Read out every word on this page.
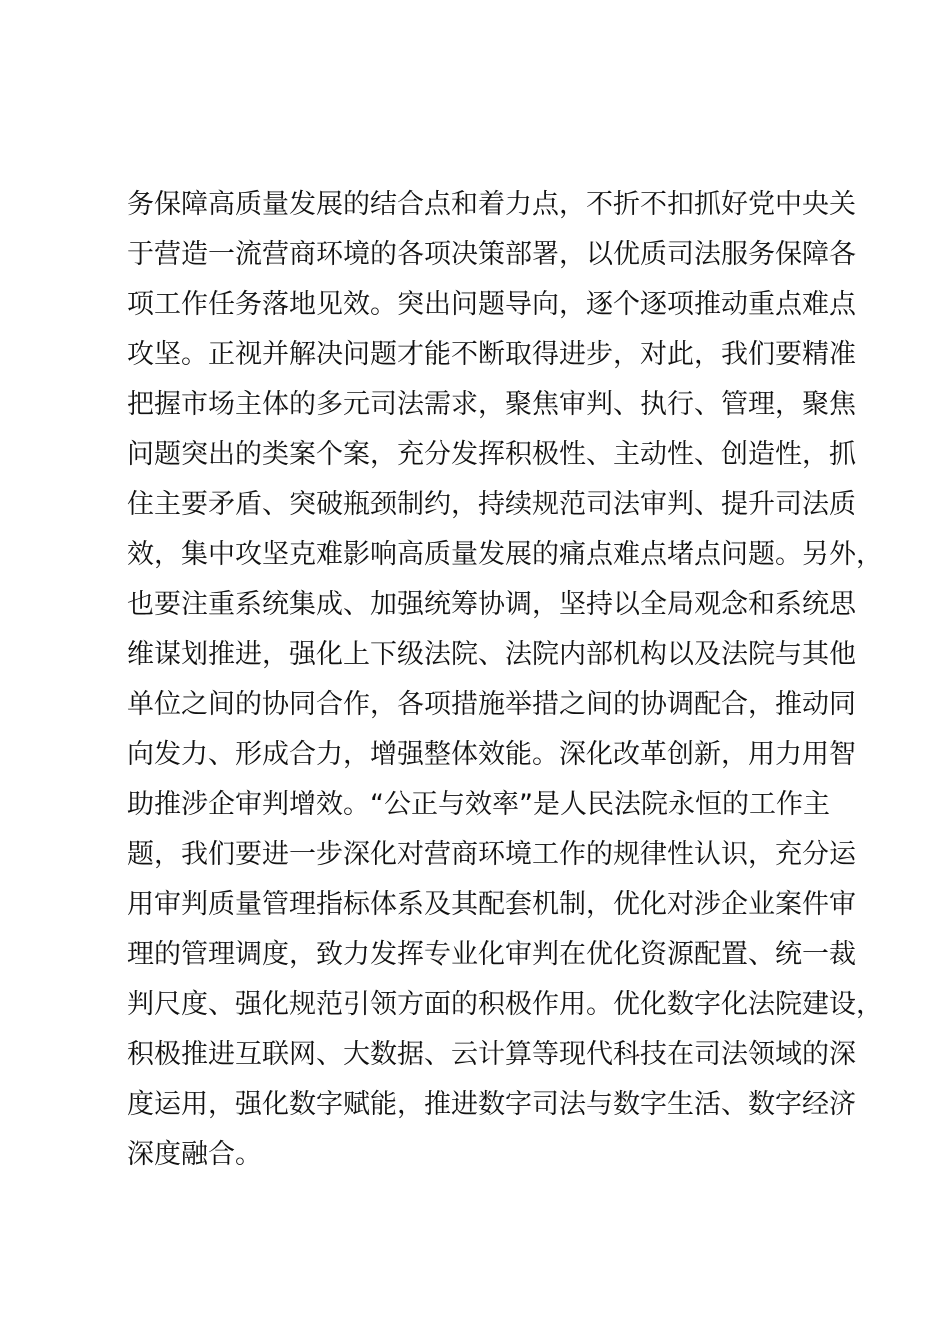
务保障高质量发展的结合点和着力点，不折不扣抓好党中央关
于营造一流营商环境的各项决策部署，以优质司法服务保障各
项工作任务落地见效。突出问题导向，逐个逐项推动重点难点
攻坚。正视并解决问题才能不断取得进步，对此，我们要精准
把握市场主体的多元司法需求，聚焦审判、执行、管理，聚焦
问题突出的类案个案，充分发挥积极性、主动性、创造性，抓
住主要矛盾、突破瓶颈制约，持续规范司法审判、提升司法质
效，集中攻坚克难影响高质量发展的痛点难点堵点问题。另外，
也要注重系统集成、加强统筹协调，坚持以全局观念和系统思
维谋划推进，强化上下级法院、法院内部机构以及法院与其他
单位之间的协同合作，各项措施举措之间的协调配合，推动同
向发力、形成合力，增强整体效能。深化改革创新，用力用智
助推涉企审判增效。“公正与效率”是人民法院永恒的工作主
题，我们要进一步深化对营商环境工作的规律性认识，充分运
用审判质量管理指标体系及其配套机制，优化对涉企业案件审
理的管理调度，致力发挥专业化审判在优化资源配置、统一裁
判尺度、强化规范引领方面的积极作用。优化数字化法院建设，
积极推进互联网、大数据、云计算等现代科技在司法领域的深
度运用，强化数字赋能，推进数字司法与数字生活、数字经济
深度融合。
